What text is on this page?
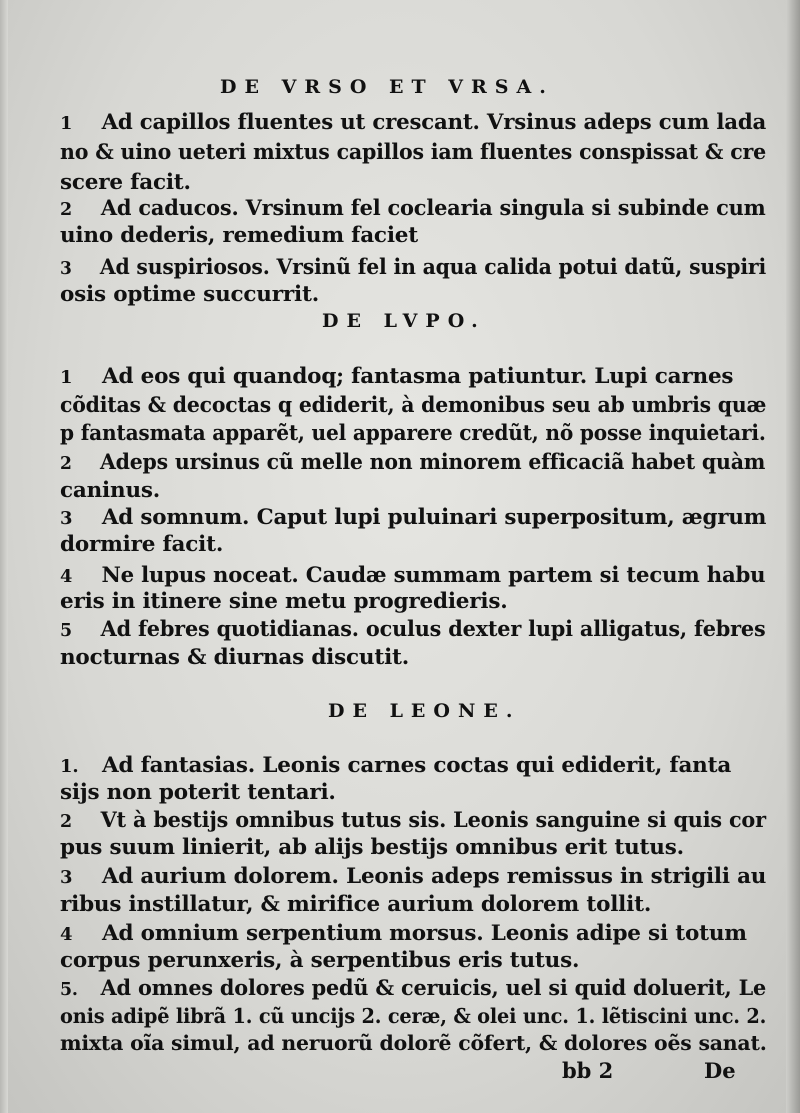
DE VRSO ET VRSA.
1 Ad capillos fluentes ut crescant. Vrsinus adeps cum lada
no & uino ueteri mixtus capillos iam fluentes conspissat & cre
scere facit.
2 Ad caducos. Vrsinum fel coclearia singula si subinde cum
uino dederis, remedium faciet
3 Ad suspiriosos. Vrsinũ fel in aqua calida potui datũ, suspiri
osis optime succurrit.
DE LVPO.
1 Ad eos qui quandoq; fantasma patiuntur. Lupi carnes
cõditas & decoctas q ediderit, à demonibus seu ab umbris quæ
p fantasmata apparẽt, uel apparere credũt, nõ posse inquietari.
2 Adeps ursinus cũ melle non minorem efficaciã habet quàm
caninus.
3 Ad somnum. Caput lupi puluinari superpositum, ægrum
dormire facit.
4 Ne lupus noceat. Caudæ summam partem si tecum habu
eris in itinere sine metu progredieris.
5 Ad febres quotidianas. oculus dexter lupi alligatus, febres
nocturnas & diurnas discutit.
DE LEONE.
1. Ad fantasias. Leonis carnes coctas qui ediderit, fanta
sijs non poterit tentari.
2 Vt à bestijs omnibus tutus sis. Leonis sanguine si quis cor
pus suum linierit, ab alijs bestijs omnibus erit tutus.
3 Ad aurium dolorem. Leonis adeps remissus in strigili au
ribus instillatur, & mirifice aurium dolorem tollit.
4 Ad omnium serpentium morsus. Leonis adipe si totum
corpus perunxeris, à serpentibus eris tutus.
5. Ad omnes dolores pedũ & ceruicis, uel si quid doluerit, Le
onis adipẽ librã 1. cũ uncijs 2. ceræ, & olei unc. 1. lẽtiscini unc. 2.
mixta oĩa simul, ad neruorũ dolorẽ cõfert, & dolores oẽs sanat.
bb 2	De
